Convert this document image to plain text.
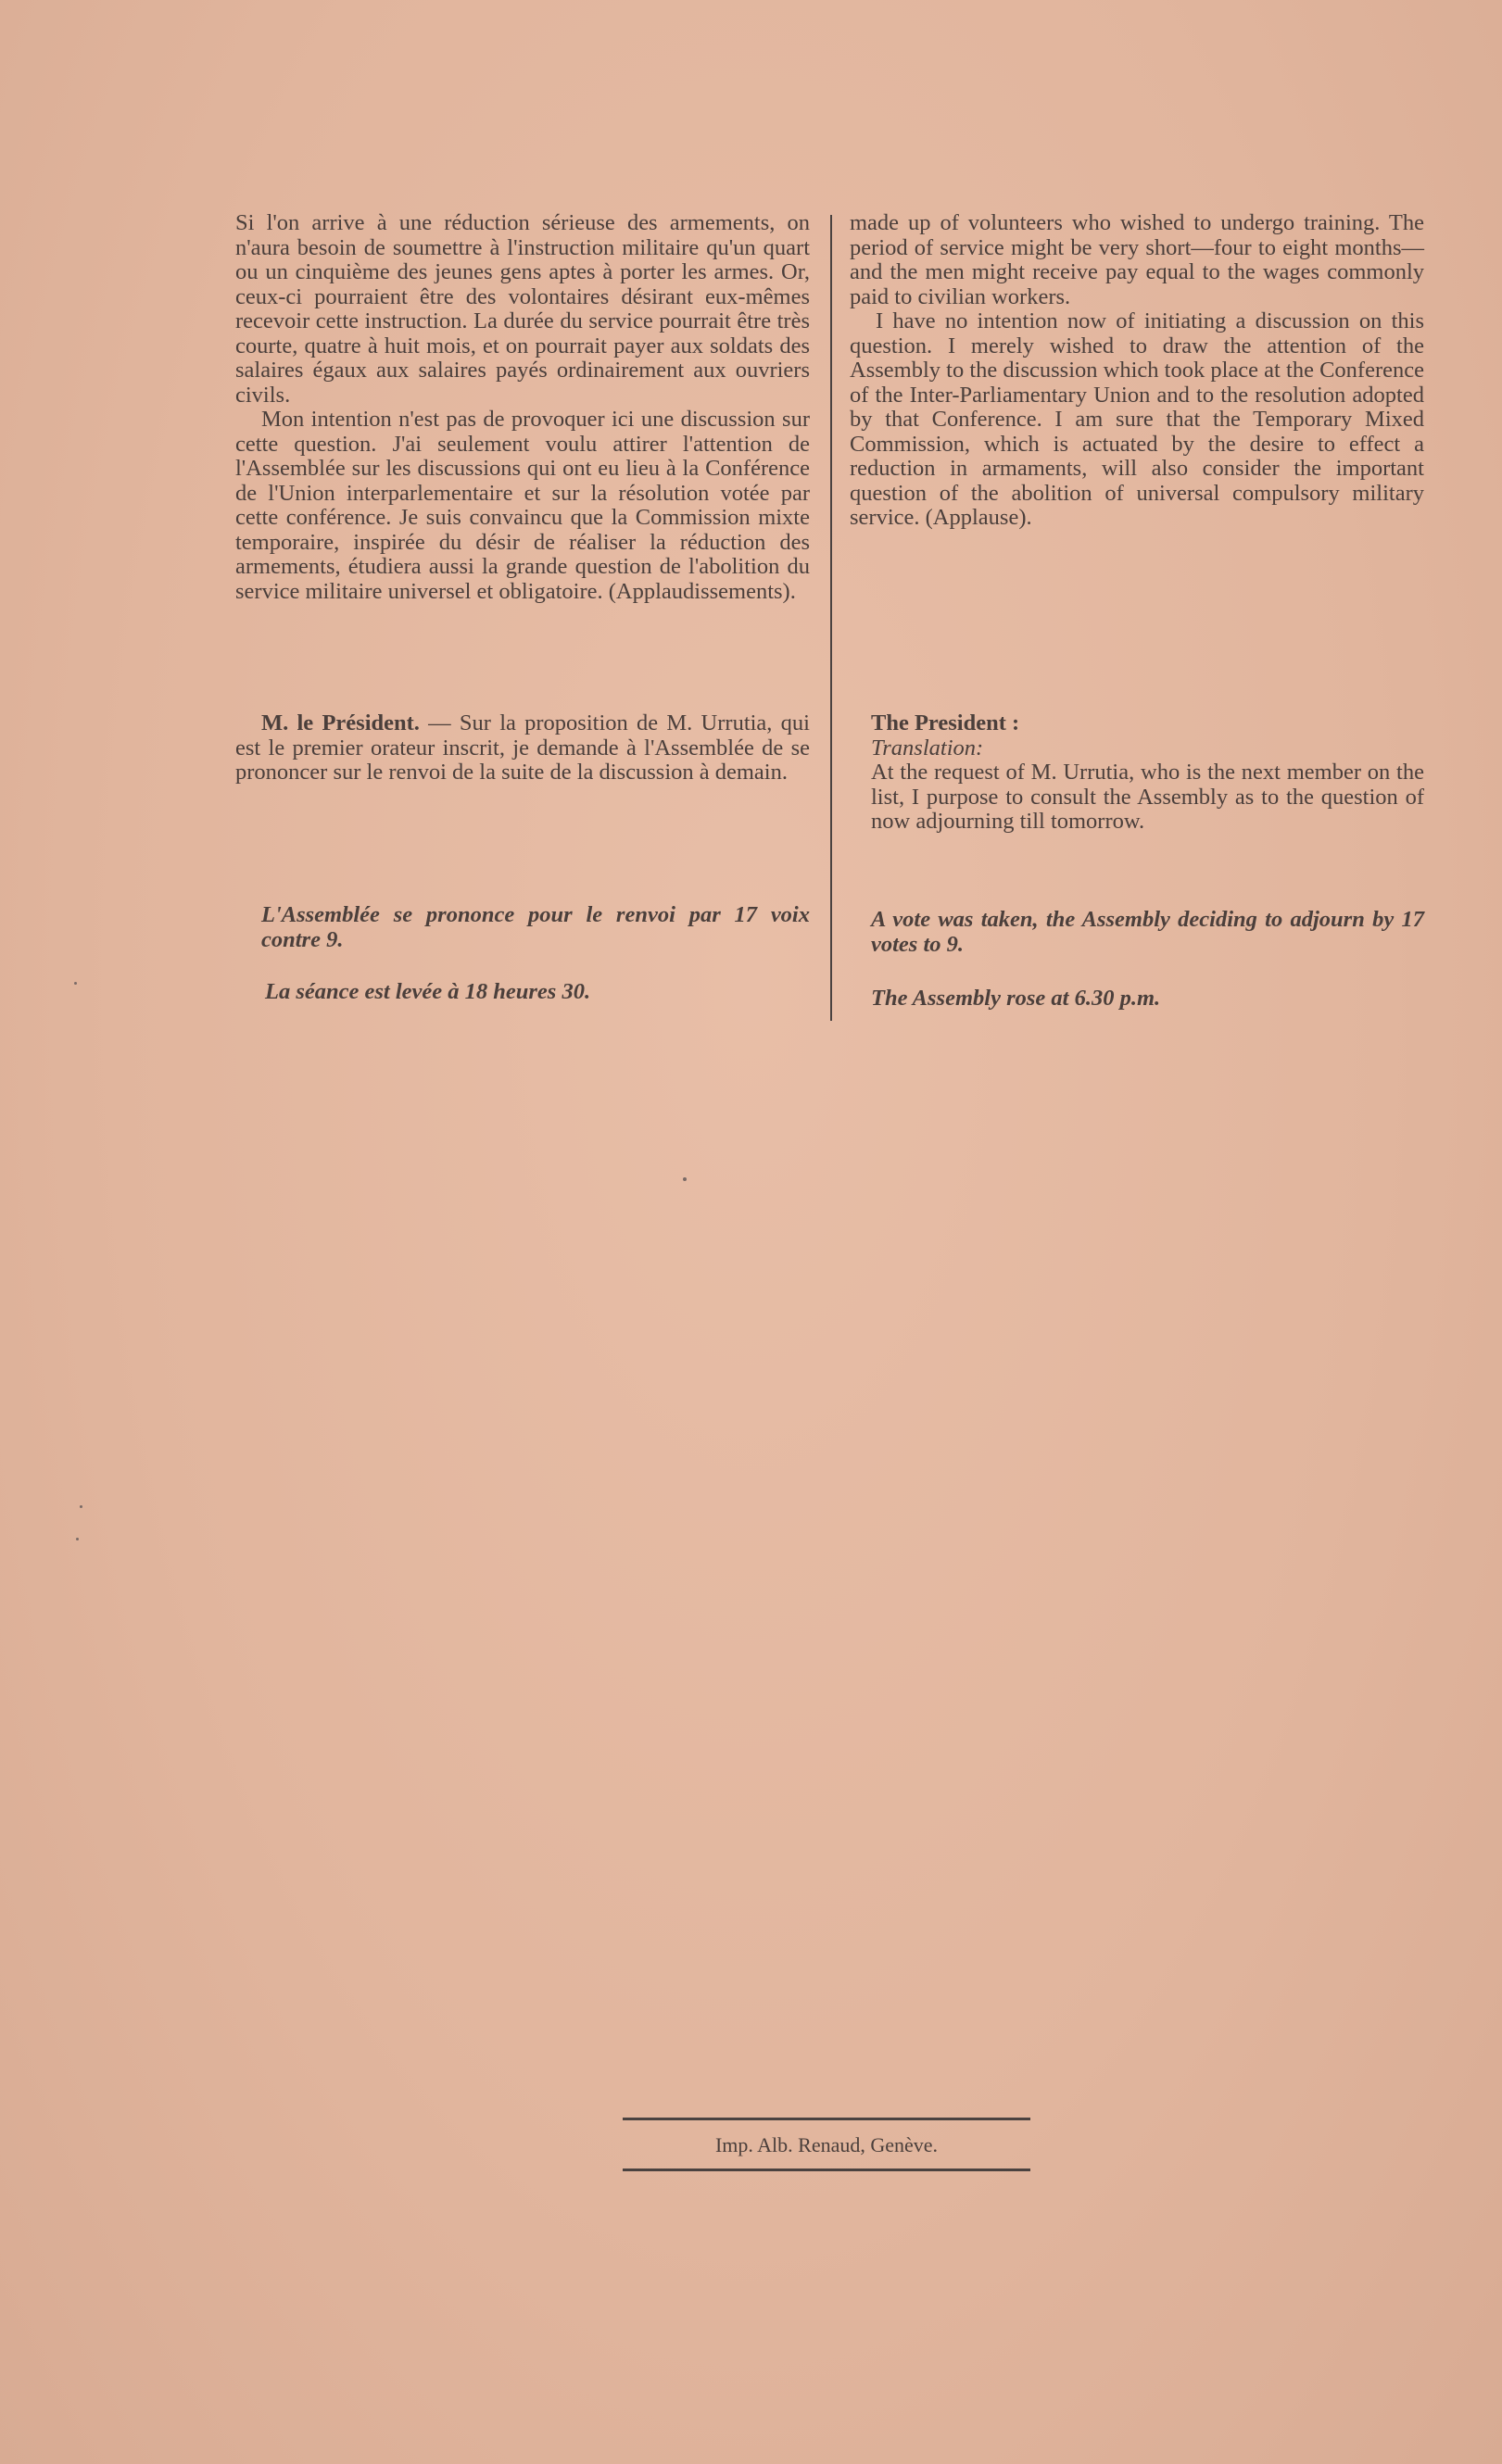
Si l'on arrive à une réduction sérieuse des armements, on n'aura besoin de soumettre à l'instruction militaire qu'un quart ou un cinquième des jeunes gens aptes à porter les armes. Or, ceux-ci pourraient être des volontaires désirant eux-mêmes recevoir cette instruction. La durée du service pourrait être très courte, quatre à huit mois, et on pourrait payer aux soldats des salaires égaux aux salaires payés ordinairement aux ouvriers civils.

Mon intention n'est pas de provoquer ici une discussion sur cette question. J'ai seulement voulu attirer l'attention de l'Assemblée sur les discussions qui ont eu lieu à la Conférence de l'Union interparlementaire et sur la résolution votée par cette conférence. Je suis convaincu que la Commission mixte temporaire, inspirée du désir de réaliser la réduction des armements, étudiera aussi la grande question de l'abolition du service militaire universel et obligatoire. (Applaudissements).

made up of volunteers who wished to undergo training. The period of service might be very short—four to eight months—and the men might receive pay equal to the wages commonly paid to civilian workers.

I have no intention now of initiating a discussion on this question. I merely wished to draw the attention of the Assembly to the discussion which took place at the Conference of the Inter-Parliamentary Union and to the resolution adopted by that Conference. I am sure that the Temporary Mixed Commission, which is actuated by the desire to effect a reduction in armaments, will also consider the important question of the abolition of universal compulsory military service. (Applause).

M. le Président. — Sur la proposition de M. Urrutia, qui est le premier orateur inscrit, je demande à l'Assemblée de se prononcer sur le renvoi de la suite de la discussion à demain.

The President :

Translation:

At the request of M. Urrutia, who is the next member on the list, I purpose to consult the Assembly as to the question of now adjourning till tomorrow.

L'Assemblée se prononce pour le renvoi par 17 voix contre 9.
A vote was taken, the Assembly deciding to adjourn by 17 votes to 9.
La séance est levée à 18 heures 30.	The Assembly rose at 6.30 p.m.
Imp. Alb. Renaud, Genève.
